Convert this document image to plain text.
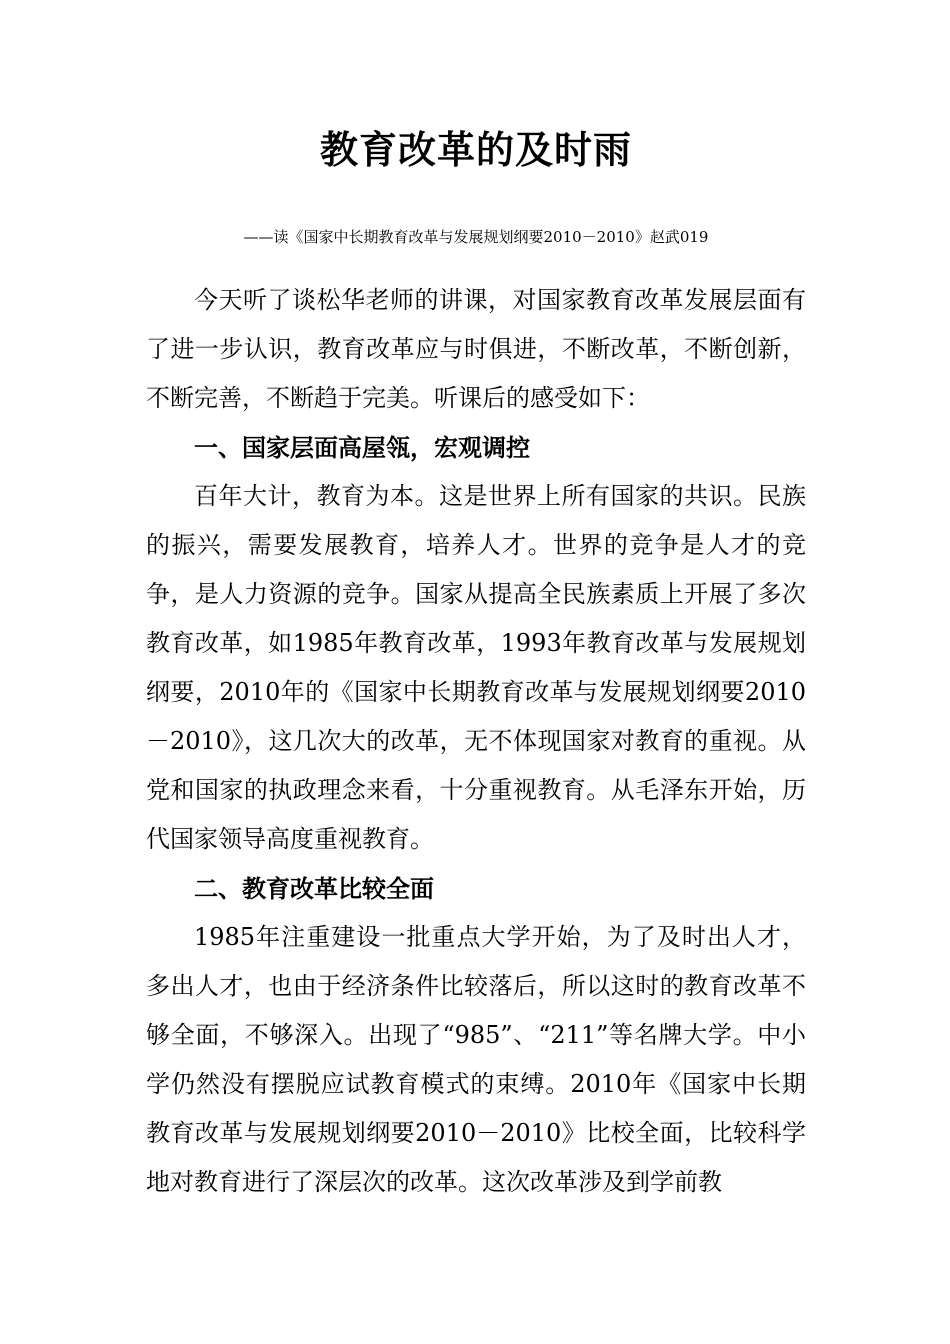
教育改革的及时雨
——读《国家中长期教育改革与发展规划纲要2010－2010》赵武019

今天听了谈松华老师的讲课，对国家教育改革发展层面有了进一步认识，教育改革应与时俱进，不断改革，不断创新，不断完善，不断趋于完美。听课后的感受如下：

一、国家层面高屋瓴，宏观调控

百年大计，教育为本。这是世界上所有国家的共识。民族的振兴，需要发展教育，培养人才。世界的竞争是人才的竞争，是人力资源的竞争。国家从提高全民族素质上开展了多次教育改革，如1985年教育改革，1993年教育改革与发展规划纲要，2010年的《国家中长期教育改革与发展规划纲要2010－2010》，这几次大的改革，无不体现国家对教育的重视。从党和国家的执政理念来看，十分重视教育。从毛泽东开始，历代国家领导高度重视教育。

二、教育改革比较全面

1985年注重建设一批重点大学开始，为了及时出人才，多出人才，也由于经济条件比较落后，所以这时的教育改革不够全面，不够深入。出现了“985”、“211”等名牌大学。中小学仍然没有摆脱应试教育模式的束缚。2010年《国家中长期教育改革与发展规划纲要2010－2010》比校全面，比较科学地对教育进行了深层次的改革。这次改革涉及到学前教
